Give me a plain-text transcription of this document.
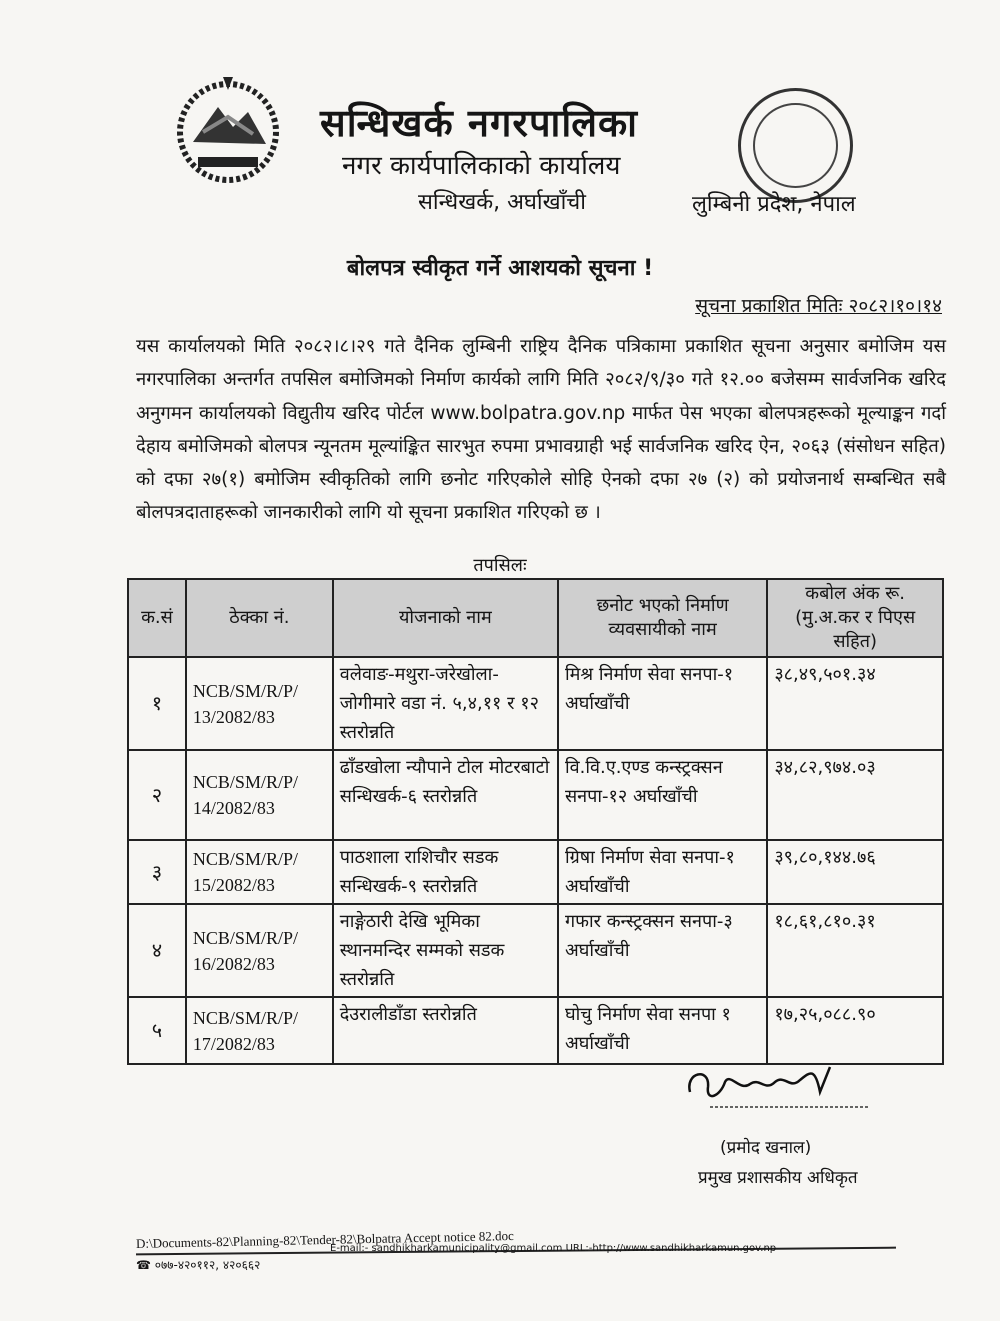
सन्धिखर्क नगरपालिका
नगर कार्यपालिकाको कार्यालय
सन्धिखर्क, अर्घाखाँची	लुम्बिनी प्रदेश, नेपाल
बोलपत्र स्वीकृत गर्ने आशयको सूचना !
सूचना प्रकाशित मितिः २०८२।१०।१४
यस कार्यालयको मिति २०८२।८।२९ गते दैनिक लुम्बिनी राष्ट्रिय दैनिक पत्रिकामा प्रकाशित सूचना अनुसार बमोजिम यस नगरपालिका अन्तर्गत तपसिल बमोजिमको निर्माण कार्यको लागि मिति २०८२/९/३० गते १२.०० बजेसम्म सार्वजनिक खरिद अनुगमन कार्यालयको विद्युतीय खरिद पोर्टल www.bolpatra.gov.np मार्फत पेस भएका बोलपत्रहरूको मूल्याङ्कन गर्दा देहाय बमोजिमको बोलपत्र न्यूनतम मूल्यांङ्कित सारभुत रुपमा प्रभावग्राही भई सार्वजनिक खरिद ऐन, २०६३ (संसोधन सहित) को दफा २७(१) बमोजिम स्वीकृतिको लागि छनोट गरिएकोले सोहि ऐनको दफा २७ (२) को प्रयोजनार्थ सम्बन्धित सबै बोलपत्रदाताहरूको जानकारीको लागि यो सूचना प्रकाशित गरिएको छ ।
तपसिलः
क.सं	ठेक्का नं.	योजनाको नाम	छनोट भएको निर्माण व्यवसायीको नाम	कबोल अंक रू. (मु.अ.कर र पिएस सहित)
१	NCB/SM/R/P/ 13/2082/83	वलेवाङ-मथुरा-जरेखोला-जोगीमारे वडा नं. ५,४,११ र १२ स्तरोन्नति	मिश्र निर्माण सेवा सनपा-१ अर्घाखाँची	३८,४९,५०१.३४
२	NCB/SM/R/P/ 14/2082/83	ढाँडखोला न्यौपाने टोल मोटरबाटो सन्धिखर्क-६ स्तरोन्नति	वि.वि.ए.एण्ड कन्स्ट्रक्सन सनपा-१२ अर्घाखाँची	३४,८२,९७४.०३
३	NCB/SM/R/P/ 15/2082/83	पाठशाला राशिचौर सडक सन्धिखर्क-९ स्तरोन्नति	ग्रिषा निर्माण सेवा सनपा-१ अर्घाखाँची	३९,८०,१४४.७६
४	NCB/SM/R/P/ 16/2082/83	नाङ्गेठारी देखि भूमिका स्थानमन्दिर सम्मको सडक स्तरोन्नति	गफार कन्स्ट्रक्सन सनपा-३ अर्घाखाँची	१८,६१,८१०.३१
५	NCB/SM/R/P/ 17/2082/83	देउरालीडाँडा स्तरोन्नति	घोचु निर्माण सेवा सनपा १ अर्घाखाँची	१७,२५,०८८.९०
(प्रमोद खनाल)
प्रमुख प्रशासकीय अधिकृत
D:\Documents-82\Planning-82\Tender-82\Bolpatra Accept notice 82.doc
E-mail:- sandhikharkamunicipality@gmail.com URL:-http://www.sandhikharkamun.gov.np
☎ ०७७-४२०११२, ४२०६६२
